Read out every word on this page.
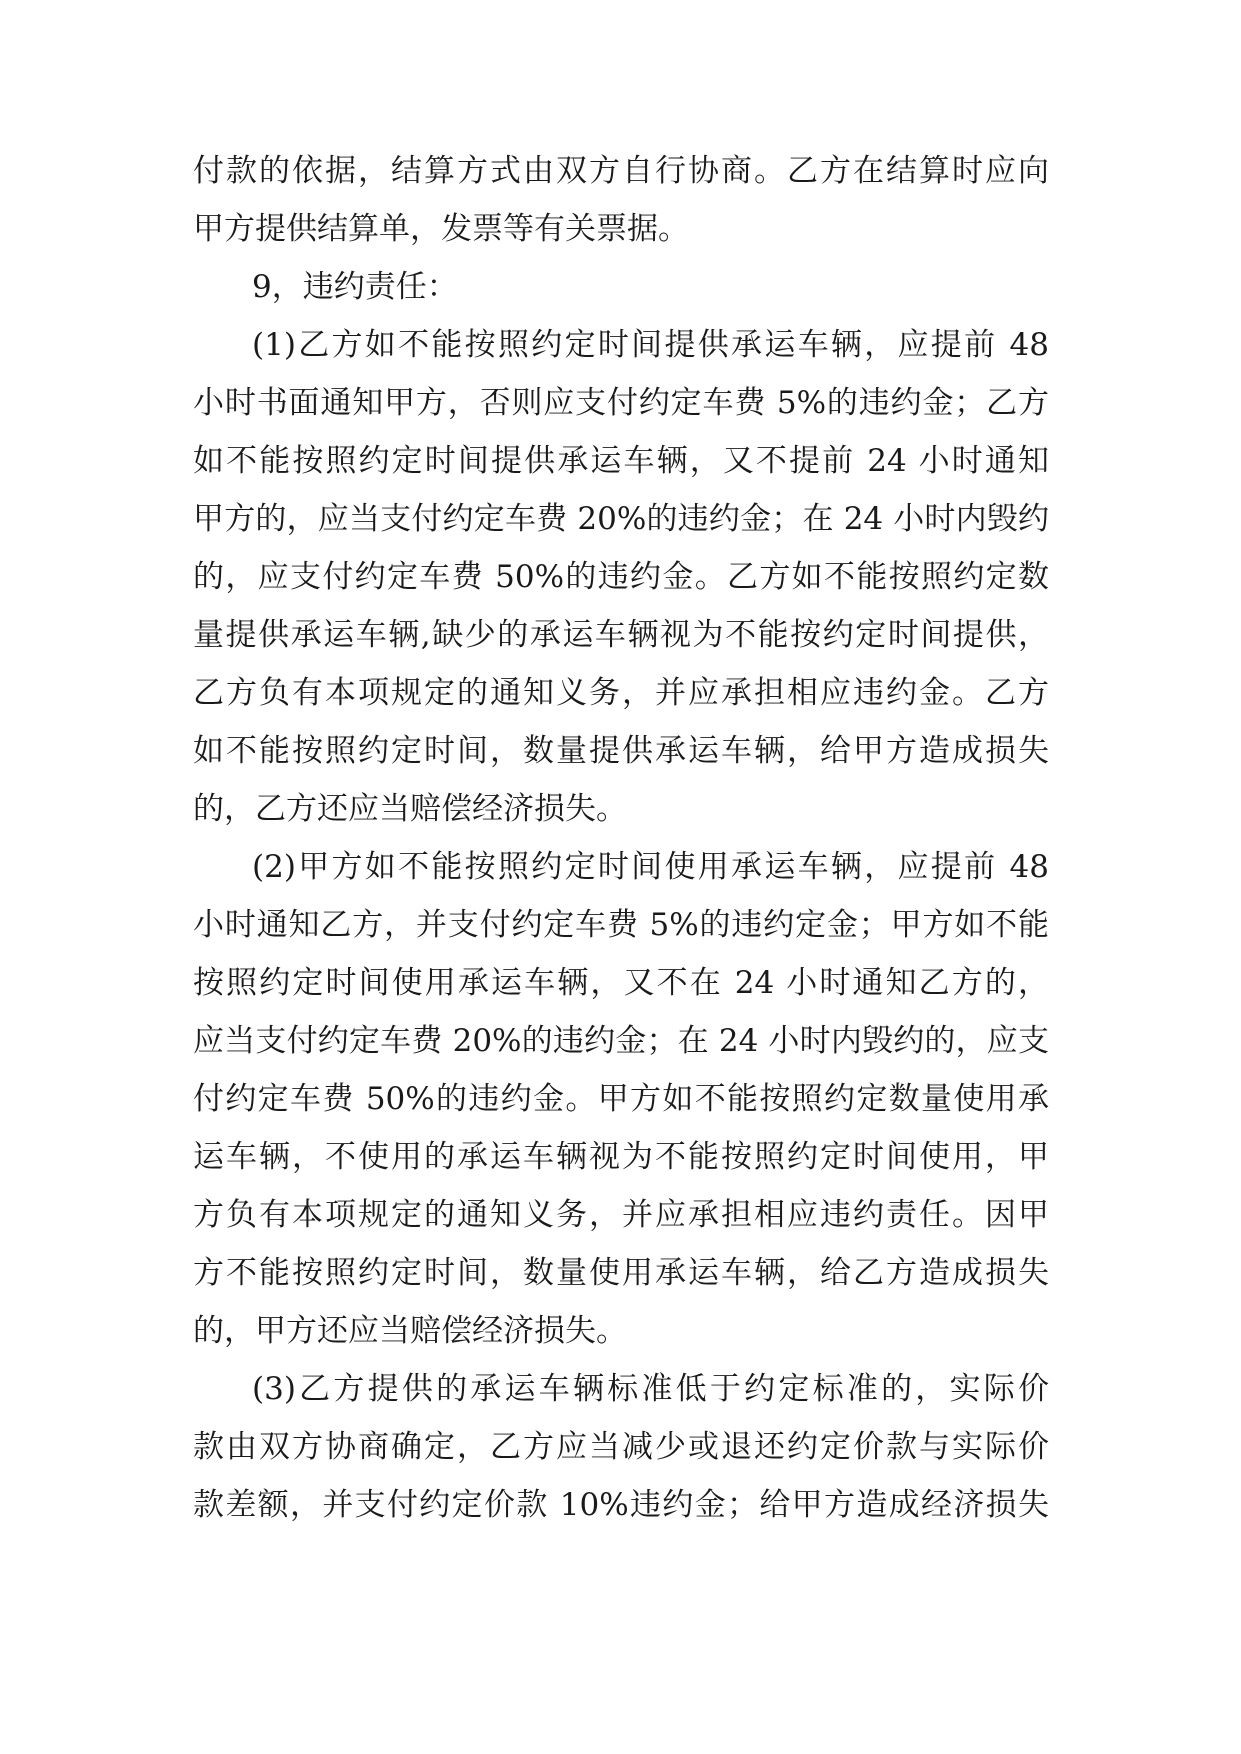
付款的依据，结算方式由双方自行协商。乙方在结算时应向
甲方提供结算单，发票等有关票据。
9，违约责任：
(1)乙方如不能按照约定时间提供承运车辆，应提前 48
小时书面通知甲方，否则应支付约定车费 5%的违约金；乙方
如不能按照约定时间提供承运车辆，又不提前 24 小时通知
甲方的，应当支付约定车费 20%的违约金；在 24 小时内毁约
的，应支付约定车费 50%的违约金。乙方如不能按照约定数
量提供承运车辆,缺少的承运车辆视为不能按约定时间提供，
乙方负有本项规定的通知义务，并应承担相应违约金。乙方
如不能按照约定时间，数量提供承运车辆，给甲方造成损失
的，乙方还应当赔偿经济损失。
(2)甲方如不能按照约定时间使用承运车辆，应提前 48
小时通知乙方，并支付约定车费 5%的违约定金；甲方如不能
按照约定时间使用承运车辆，又不在 24 小时通知乙方的，
应当支付约定车费 20%的违约金；在 24 小时内毁约的，应支
付约定车费 50%的违约金。甲方如不能按照约定数量使用承
运车辆，不使用的承运车辆视为不能按照约定时间使用，甲
方负有本项规定的通知义务，并应承担相应违约责任。因甲
方不能按照约定时间，数量使用承运车辆，给乙方造成损失
的，甲方还应当赔偿经济损失。
(3)乙方提供的承运车辆标准低于约定标准的，实际价
款由双方协商确定，乙方应当减少或退还约定价款与实际价
款差额，并支付约定价款 10%违约金；给甲方造成经济损失
